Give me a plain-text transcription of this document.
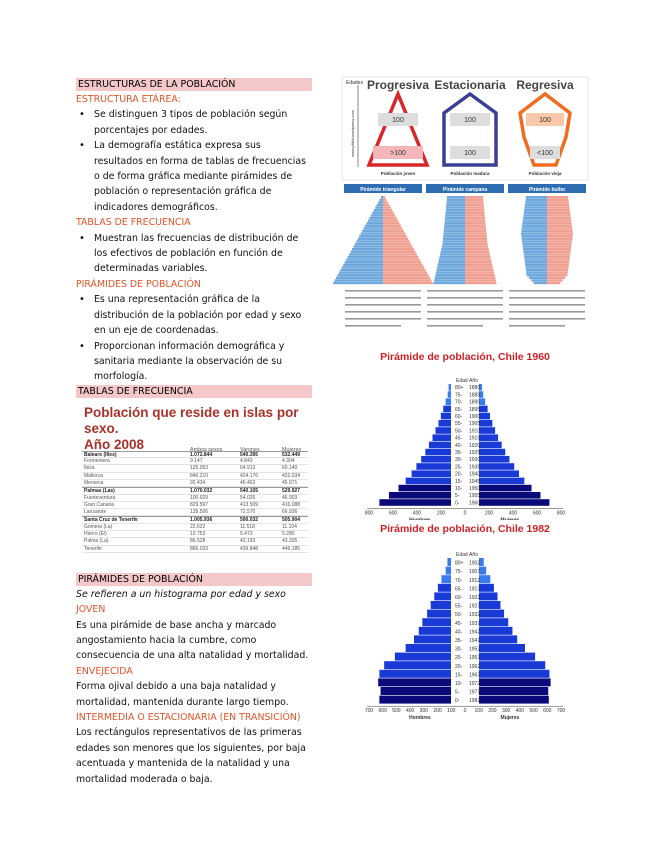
ESTRUCTURAS DE LA POBLACIÓN
ESTRUCTURA ETÁREA:
• Se distinguen 3 tipos de población según porcentajes por edades.
• La demografía estática expresa sus resultados en forma de tablas de frecuencias o de forma gráfica mediante pirámides de población o representación gráfica de indicadores demográficos.
TABLAS DE FRECUENCIA
• Muestran las frecuencias de distribución de los efectivos de población en función de determinadas variables.
PIRÁMIDES DE POBLACIÓN
• Es una representación gráfica de la distribución de la población por edad y sexo en un eje de coordenadas.
• Proporcionan información demográfica y sanitaria mediante la observación de su morfología.
TABLAS DE FRECUENCIA
Población que reside en islas por sexo.
Año 2008	Ambos sexos	Varones	Mujeres
Balears (Illes)	1.072.844	540.395	532.449
Formentera	9.147	4.843	4.304
Ibiza	125.053	64.913	60.140
Mallorca	846.210	424.176	422.034
Menorca	92.434	46.463	45.971
Palmas (Las)	1.070.032	540.105	529.927
Fuerteventura	100.929	54.026	46.903
Gran Canaria	829.597	413.509	416.088
Lanzarote	139.506	72.570	66.936
Santa Cruz de Tenerife	1.005.936	500.032	505.904
Gomera (La)	22.622	11.518	11.104
Hierro (El)	10.753	5.473	5.280
Palma (La)	86.528	43.193	43.335
Tenerife	886.033	439.848	446.185
PIRÁMIDES DE POBLACIÓN

Se refieren a un histograma por edad y sexo

JOVEN

Es una pirámide de base ancha y marcado angostamiento hacia la cumbre, como consecuencia de una alta natalidad y mortalidad.

ENVEJECIDA

Forma ojival debido a una baja natalidad y mortalidad, mantenida durante largo tiempo.

INTERMEDIA O ESTACIONARIA (EN TRANSICIÓN)

Los rectángulos representativos de las primeras edades son menores que los siguientes, por baja acentuada y mantenida de la natalidad y una mortalidad moderada o baja.

Edades
www.pfilidi.wordpress.com
Progresiva Estacionaria Regresiva
100
>100
100
100
100
<100
Población joven	Población madura	Población vieja
Pirámide triangular	Pirámide campana	Pirámide bulbo
Pirámide de población, Chile 1960
Edad Año
80+ 1880
75- 1885
70- 1890
65- 1895
60- 1900
55- 1905
50- 1910
45- 1915
40- 1920
35- 1925
30- 1930
25- 1935
20- 1940
15- 1945
10- 1950
5- 1955
0- 1960
800	600	400	200	0	200	400	600	800
Pirámide de población, Chile 1982
Edad Año
80+ 1902
75- 1907
70- 1912
65- 1917
60- 1922
55- 1927
50- 1932
45- 1937
40- 1942
35- 1947
30- 1952
25- 1957
20- 1962
15- 1967
10- 1972
5- 1977
0- 1982
700 600 500 400 300 200 100 0 100 200 300 400 500 600 700
Hombres	Mujeres
